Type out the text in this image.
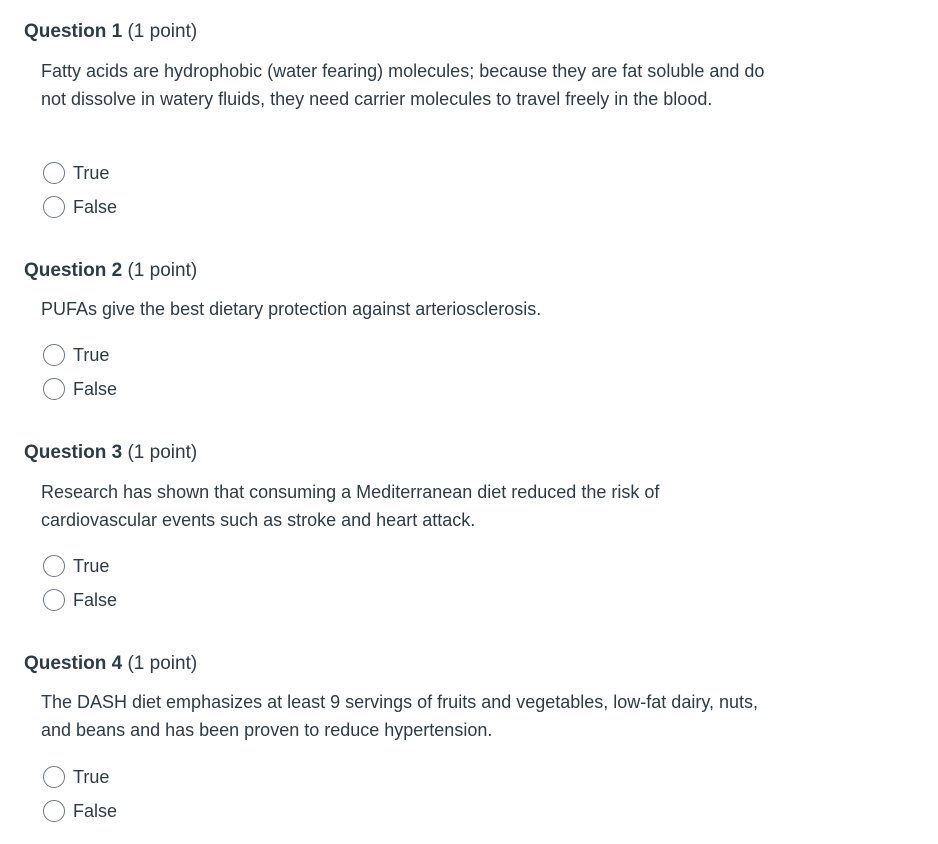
Question 1 (1 point)
Fatty acids are hydrophobic (water fearing) molecules; because they are fat soluble and do not dissolve in watery fluids, they need carrier molecules to travel freely in the blood.
True
False
Question 2 (1 point)
PUFAs give the best dietary protection against arteriosclerosis.
True
False
Question 3 (1 point)
Research has shown that consuming a Mediterranean diet reduced the risk of cardiovascular events such as stroke and heart attack.
True
False
Question 4 (1 point)
The DASH diet emphasizes at least 9 servings of fruits and vegetables, low-fat dairy, nuts, and beans and has been proven to reduce hypertension.
True
False
